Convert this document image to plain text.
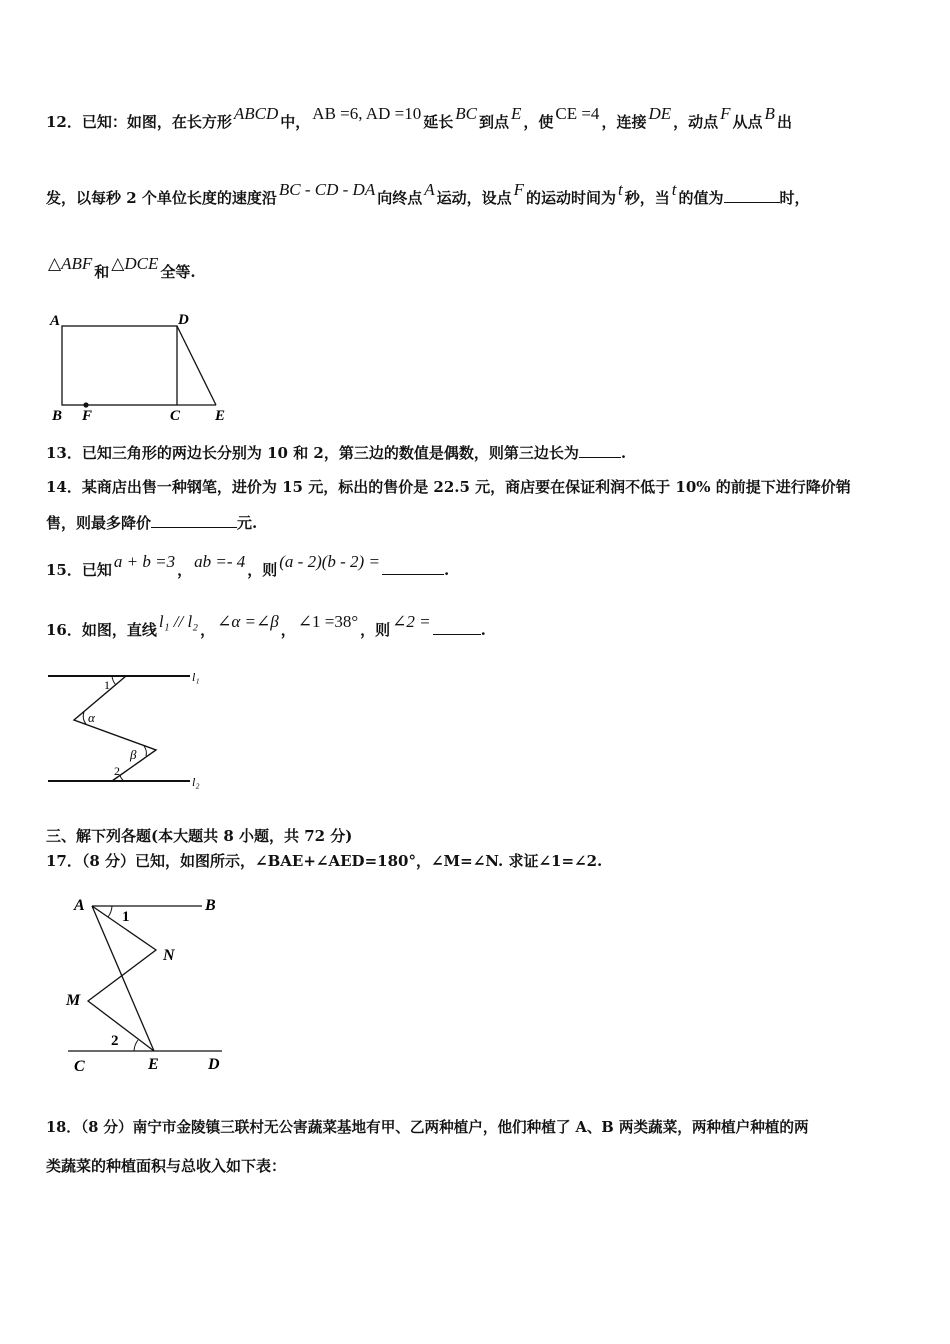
12．已知：如图，在长方形 ABCD 中， AB =6, AD =10 延长 BC 到点 E ，使 CE =4 ，连接 DE ，动点 F 从点 B 出
发，以每秒 2 个单位长度的速度沿 BC - CD - DA 向终点 A 运动，设点 F 的运动时间为 t 秒，当 t 的值为	时，
△ABF 和 △DCE 全等.
A	D
B F	C E
13．已知三角形的两边长分别为 10 和 2，第三边的数值是偶数，则第三边长为	.
14．某商店出售一种钢笔，进价为 15 元，标出的售价是 22.5 元，商店要在保证利润不低于 10% 的前提下进行降价销
售，则最多降价	元.
15．已知 a + b =3 ， ab =- 4 ，则 (a - 2)(b - 2) =	.
16．如图，直线 l₁ // l₂ ， ∠α =∠β ， ∠1 =38° ，则 ∠2 =	.
1
α
β
2
l₁
l₂
三、解下列各题(本大题共 8 小题，共 72 分)
17．（8 分）已知，如图所示，∠BAE+∠AED=180°，∠M=∠N. 求证∠1=∠2.
A	B
1
N
M
2
C	E	D
18．（8 分）南宁市金陵镇三联村无公害蔬菜基地有甲、乙两种植户，他们种植了 A、B 两类蔬菜，两种植户种植的两
类蔬菜的种植面积与总收入如下表：
